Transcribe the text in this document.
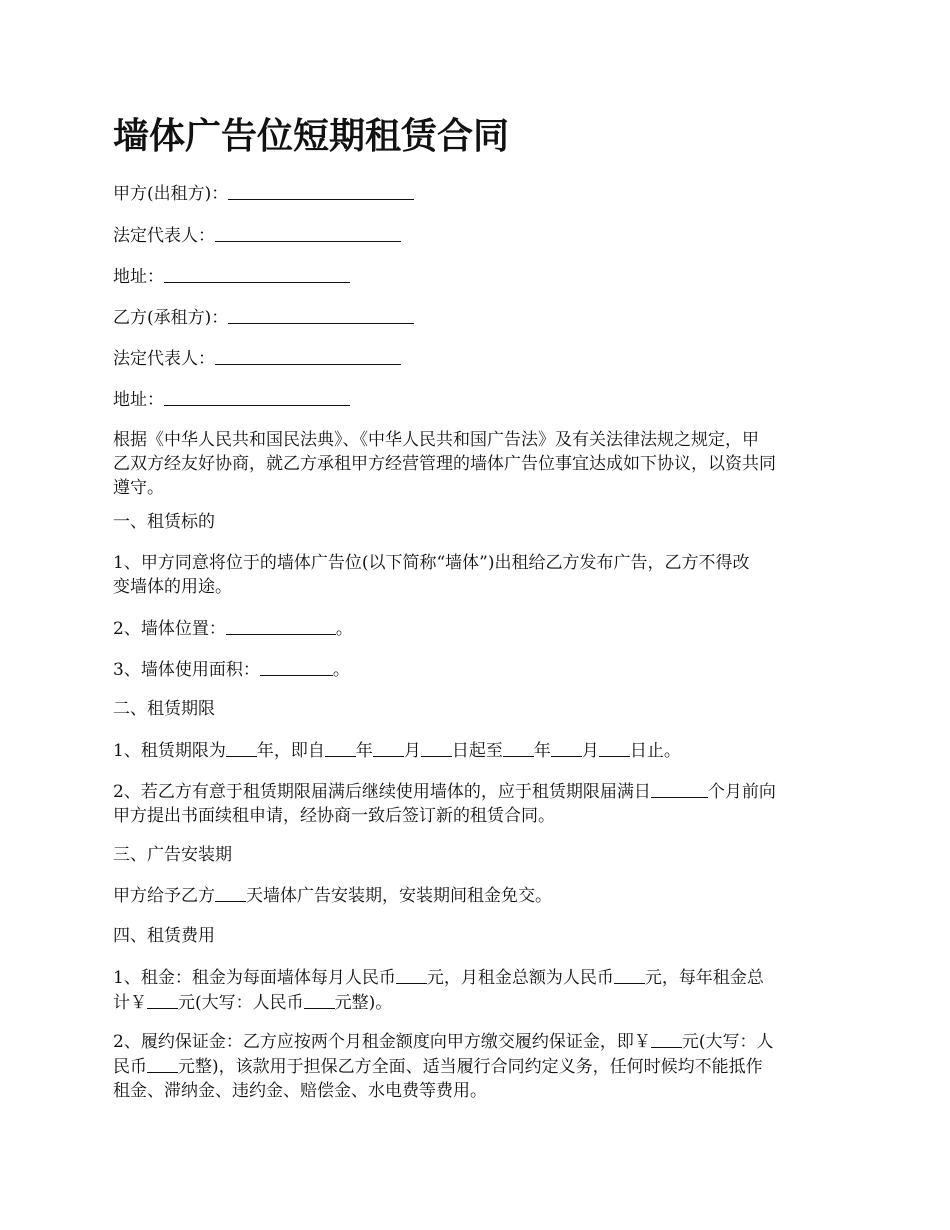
墙体广告位短期租赁合同
甲方(出租方)：
法定代表人：
地址：
乙方(承租方)：
法定代表人：
地址：

根据《中华人民共和国民法典》、《中华人民共和国广告法》及有关法律法规之规定，甲
乙双方经友好协商，就乙方承租甲方经营管理的墙体广告位事宜达成如下协议，以资共同
遵守。

一、租赁标的

1、甲方同意将位于的墙体广告位(以下简称“墙体”)出租给乙方发布广告，乙方不得改
变墙体的用途。

2、墙体位置：	。
3、墙体使用面积：	。
二、租赁期限
1、租赁期限为 年，即自 年 月 日起至 年 月 日止。

2、若乙方有意于租赁期限届满后继续使用墙体的，应于租赁期限届满日	个月前向
甲方提出书面续租申请，经协商一致后签订新的租赁合同。

三、广告安装期
甲方给予乙方 天墙体广告安装期，安装期间租金免交。
四、租赁费用

1、租金：租金为每面墙体每月人民币 元，月租金总额为人民币 元，每年租金总
计￥ 元(大写：人民币 元整)。

2、履约保证金：乙方应按两个月租金额度向甲方缴交履约保证金，即￥ 元(大写：人
民币 元整)，该款用于担保乙方全面、适当履行合同约定义务，任何时候均不能抵作
租金、滞纳金、违约金、赔偿金、水电费等费用。
